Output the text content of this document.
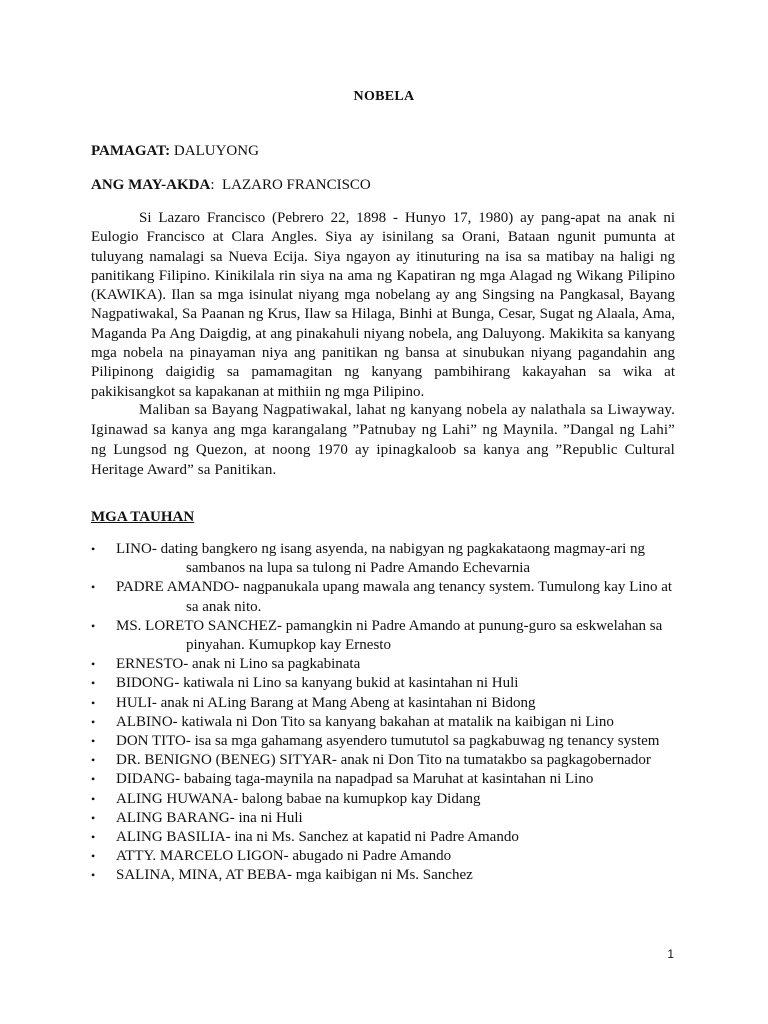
NOBELA
PAMAGAT: DALUYONG
ANG MAY-AKDA:  LAZARO FRANCISCO

Si Lazaro Francisco (Pebrero 22, 1898 - Hunyo 17, 1980) ay pang-apat na anak ni Eulogio Francisco at Clara Angles. Siya ay isinilang sa Orani, Bataan ngunit pumunta at tuluyang namalagi sa Nueva Ecija. Siya ngayon ay itinuturing na isa sa matibay na haligi ng panitikang Filipino. Kinikilala rin siya na ama ng Kapatiran ng mga Alagad ng Wikang Pilipino (KAWIKA). Ilan sa mga isinulat niyang mga nobelang ay ang Singsing na Pangkasal, Bayang Nagpatiwakal, Sa Paanan ng Krus, Ilaw sa Hilaga, Binhi at Bunga, Cesar, Sugat ng Alaala, Ama, Maganda Pa Ang Daigdig, at ang pinakahuli niyang nobela, ang Daluyong. Makikita sa kanyang mga nobela na pinayaman niya ang panitikan ng bansa at sinubukan niyang pagandahin ang Pilipinong daigidig sa pamamagitan ng kanyang pambihirang kakayahan sa wika at pakikisangkot sa kapakanan at mithiin ng mga Pilipino.

Maliban sa Bayang Nagpatiwakal, lahat ng kanyang nobela ay nalathala sa Liwayway. Iginawad sa kanya ang mga karangalang ”Patnubay ng Lahi” ng Maynila. ”Dangal ng Lahi” ng Lungsod ng Quezon, at noong 1970 ay ipinagkaloob sa kanya ang ”Republic Cultural Heritage Award” sa Panitikan.

MGA TAUHAN
• LINO- dating bangkero ng isang asyenda, na nabigyan ng pagkakataong magmay-ari ng
sambanos na lupa sa tulong ni Padre Amando Echevarnia
• PADRE AMANDO- nagpanukala upang mawala ang tenancy system. Tumulong kay Lino at
sa anak nito.
• MS. LORETO SANCHEZ- pamangkin ni Padre Amando at punung-guro sa eskwelahan sa
pinyahan. Kumupkop kay Ernesto
• ERNESTO- anak ni Lino sa pagkabinata
• BIDONG- katiwala ni Lino sa kanyang bukid at kasintahan ni Huli
• HULI- anak ni ALing Barang at Mang Abeng at kasintahan ni Bidong
• ALBINO- katiwala ni Don Tito sa kanyang bakahan at matalik na kaibigan ni Lino
• DON TITO- isa sa mga gahamang asyendero tumututol sa pagkabuwag ng tenancy system
• DR. BENIGNO (BENEG) SITYAR- anak ni Don Tito na tumatakbo sa pagkagobernador
• DIDANG- babaing taga-maynila na napadpad sa Maruhat at kasintahan ni Lino
• ALING HUWANA- balong babae na kumupkop kay Didang
• ALING BARANG- ina ni Huli
• ALING BASILIA- ina ni Ms. Sanchez at kapatid ni Padre Amando
• ATTY. MARCELO LIGON- abugado ni Padre Amando
• SALINA, MINA, AT BEBA- mga kaibigan ni Ms. Sanchez
1
